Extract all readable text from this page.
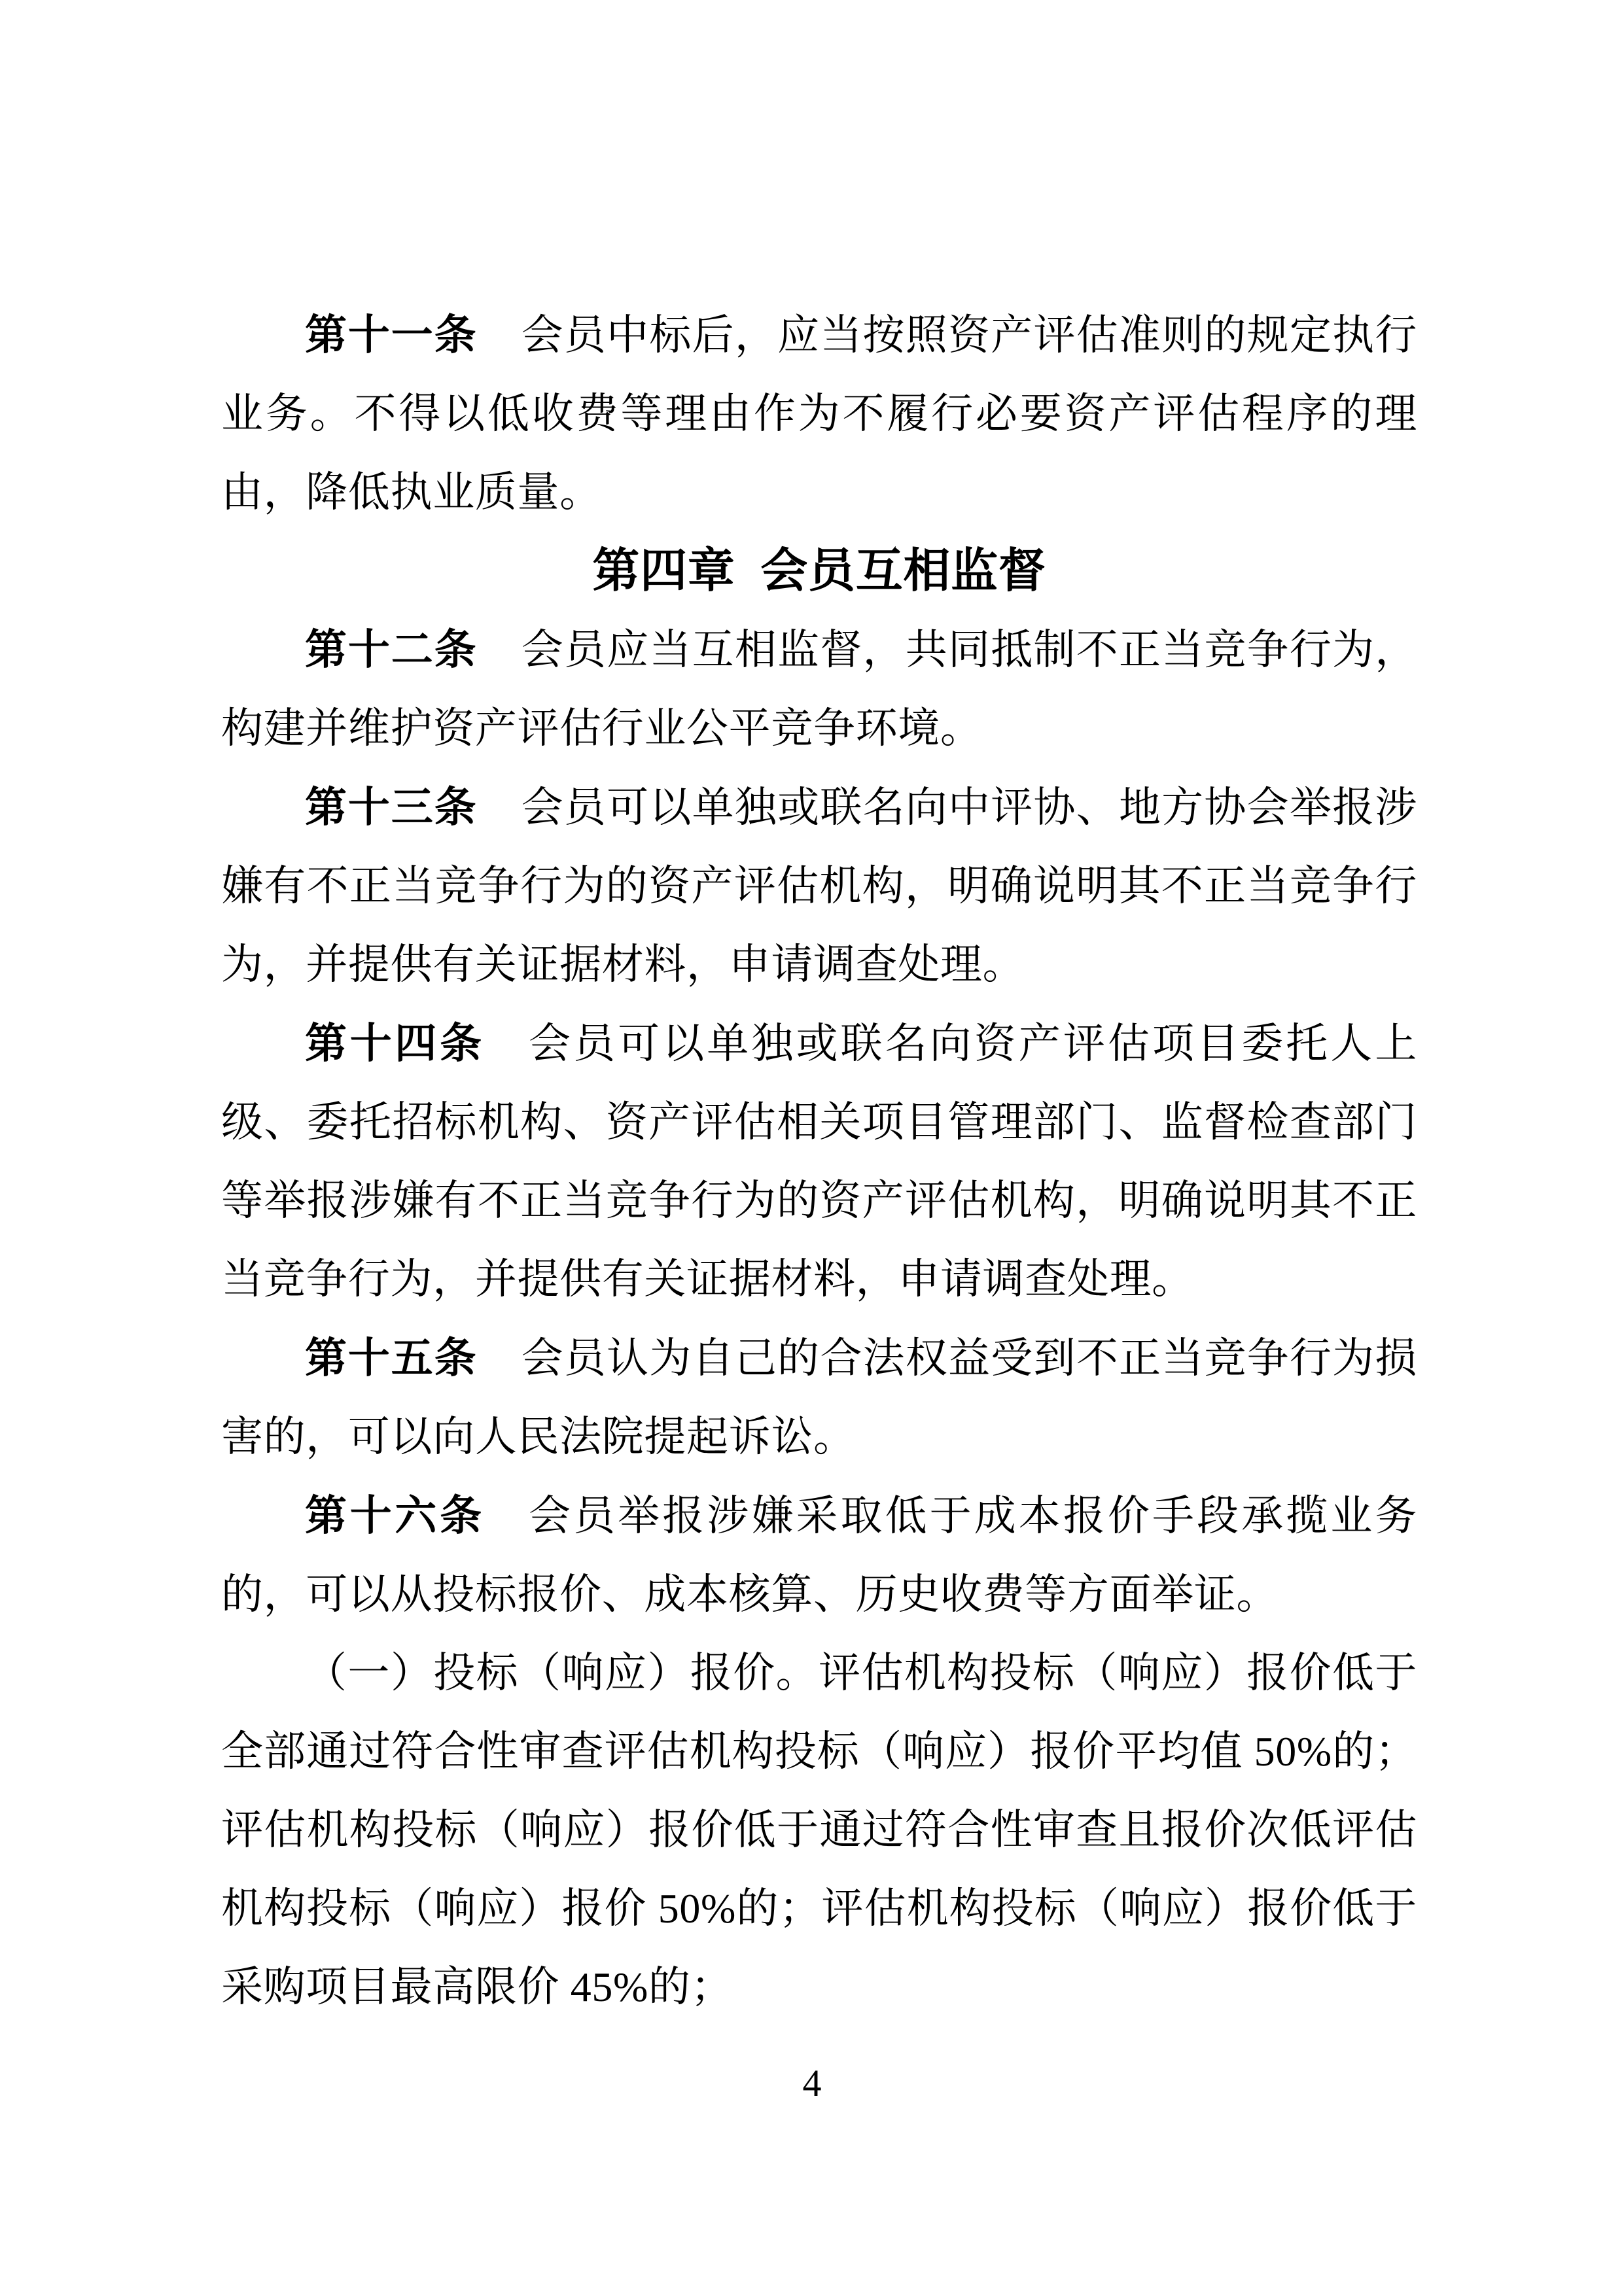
第十一条 会员中标后，应当按照资产评估准则的规定执行业务。不得以低收费等理由作为不履行必要资产评估程序的理由，降低执业质量。

第四章 会员互相监督

第十二条 会员应当互相监督，共同抵制不正当竞争行为，构建并维护资产评估行业公平竞争环境。

第十三条 会员可以单独或联名向中评协、地方协会举报涉嫌有不正当竞争行为的资产评估机构，明确说明其不正当竞争行为，并提供有关证据材料，申请调查处理。

第十四条 会员可以单独或联名向资产评估项目委托人上级、委托招标机构、资产评估相关项目管理部门、监督检查部门等举报涉嫌有不正当竞争行为的资产评估机构，明确说明其不正当竞争行为，并提供有关证据材料，申请调查处理。

第十五条 会员认为自己的合法权益受到不正当竞争行为损害的，可以向人民法院提起诉讼。

第十六条 会员举报涉嫌采取低于成本报价手段承揽业务的，可以从投标报价、成本核算、历史收费等方面举证。

（一）投标（响应）报价。评估机构投标（响应）报价低于全部通过符合性审查评估机构投标（响应）报价平均值 50%的；评估机构投标（响应）报价低于通过符合性审查且报价次低评估机构投标（响应）报价 50%的；评估机构投标（响应）报价低于采购项目最高限价 45%的；

4
